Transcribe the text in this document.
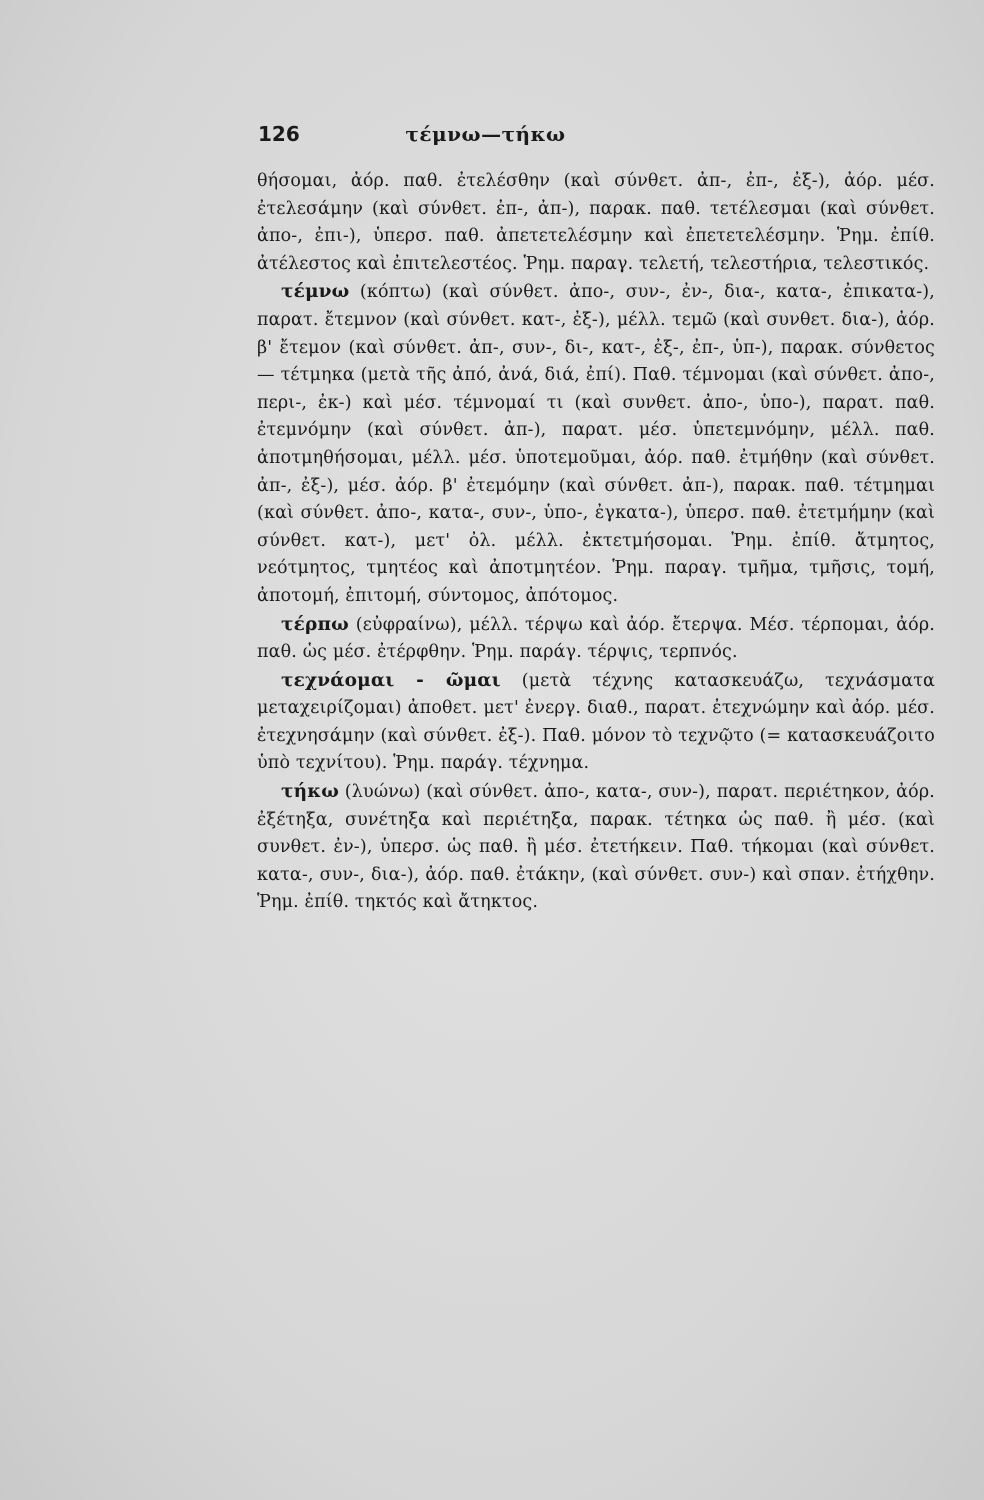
126	τέμνω—τήκω

θήσομαι, ἀόρ. παθ. ἐτελέσθην (καὶ σύνθετ. ἀπ-, ἐπ-, ἐξ-), ἀόρ. μέσ. ἐτελεσάμην (καὶ σύνθετ. ἐπ-, ἀπ-), παρακ. παθ. τετέλεσμαι (καὶ σύνθετ. ἀπο-, ἐπι-), ὑπερσ. παθ. ἀπετετελέσμην καὶ ἐπετετελέσμην. Ῥημ. ἐπίθ. ἀτέλεστος καὶ ἐπιτελεστέος. Ῥημ. παραγ. τελετή, τελεστήρια, τελεστικός.

τέμνω (κόπτω) (καὶ σύνθετ. ἀπο-, συν-, ἐν-, δια-, κατα-, ἐπικατα-), παρατ. ἔτεμνον (καὶ σύνθετ. κατ-, ἐξ-), μέλλ. τεμῶ (καὶ συνθετ. δια-), ἀόρ. β' ἔτεμον (καὶ σύνθετ. ἀπ-, συν-, δι-, κατ-, ἐξ-, ἐπ-, ὑπ-), παρακ. σύνθετος — τέτμηκα (μετὰ τῆς ἀπό, ἀνά, διά, ἐπί). Παθ. τέμνομαι (καὶ σύνθετ. ἀπο-, περι-, ἐκ-) καὶ μέσ. τέμνομαί τι (καὶ συνθετ. ἀπο-, ὑπο-), παρατ. παθ. ἐτεμνόμην (καὶ σύνθετ. ἀπ-), παρατ. μέσ. ὑπετεμνόμην, μέλλ. παθ. ἀποτμηθήσομαι, μέλλ. μέσ. ὑποτεμοῦμαι, ἀόρ. παθ. ἐτμήθην (καὶ σύνθετ. ἀπ-, ἐξ-), μέσ. ἀόρ. β' ἐτεμόμην (καὶ σύνθετ. ἀπ-), παρακ. παθ. τέτμημαι (καὶ σύνθετ. ἀπο-, κατα-, συν-, ὑπο-, ἐγκατα-), ὑπερσ. παθ. ἐτετμήμην (καὶ σύνθετ. κατ-), μετ' ὀλ. μέλλ. ἐκτετμήσομαι. Ῥημ. ἐπίθ. ἄτμητος, νεότμητος, τμητέος καὶ ἀποτμητέον. Ῥημ. παραγ. τμῆμα, τμῆσις, τομή, ἀποτομή, ἐπιτομή, σύντομος, ἀπότομος.

τέρπω (εὐφραίνω), μέλλ. τέρψω καὶ ἀόρ. ἔτερψα. Μέσ. τέρπομαι, ἀόρ. παθ. ὡς μέσ. ἐτέρφθην. Ῥημ. παράγ. τέρψις, τερπνός.

τεχνάομαι - ῶμαι (μετὰ τέχνης κατασκευάζω, τεχνάσματα μεταχειρίζομαι) ἀποθετ. μετ' ἐνεργ. διαθ., παρατ. ἐτεχνώμην καὶ ἀόρ. μέσ. ἐτεχνησάμην (καὶ σύνθετ. ἐξ-). Παθ. μόνον τὸ τεχνῷτο (= κατασκευάζοιτο ὑπὸ τεχνίτου). Ῥημ. παράγ. τέχνημα.

τήκω (λυώνω) (καὶ σύνθετ. ἀπο-, κατα-, συν-), παρατ. περιέτηκον, ἀόρ. ἐξέτηξα, συνέτηξα καὶ περιέτηξα, παρακ. τέτηκα ὡς παθ. ἢ μέσ. (καὶ συνθετ. ἐν-), ὑπερσ. ὡς παθ. ἢ μέσ. ἐτετήκειν. Παθ. τήκομαι (καὶ σύνθετ. κατα-, συν-, δια-), ἀόρ. παθ. ἐτάκην, (καὶ σύνθετ. συν-) καὶ σπαν. ἐτήχθην. Ῥημ. ἐπίθ. τηκτός καὶ ἄτηκτος.
